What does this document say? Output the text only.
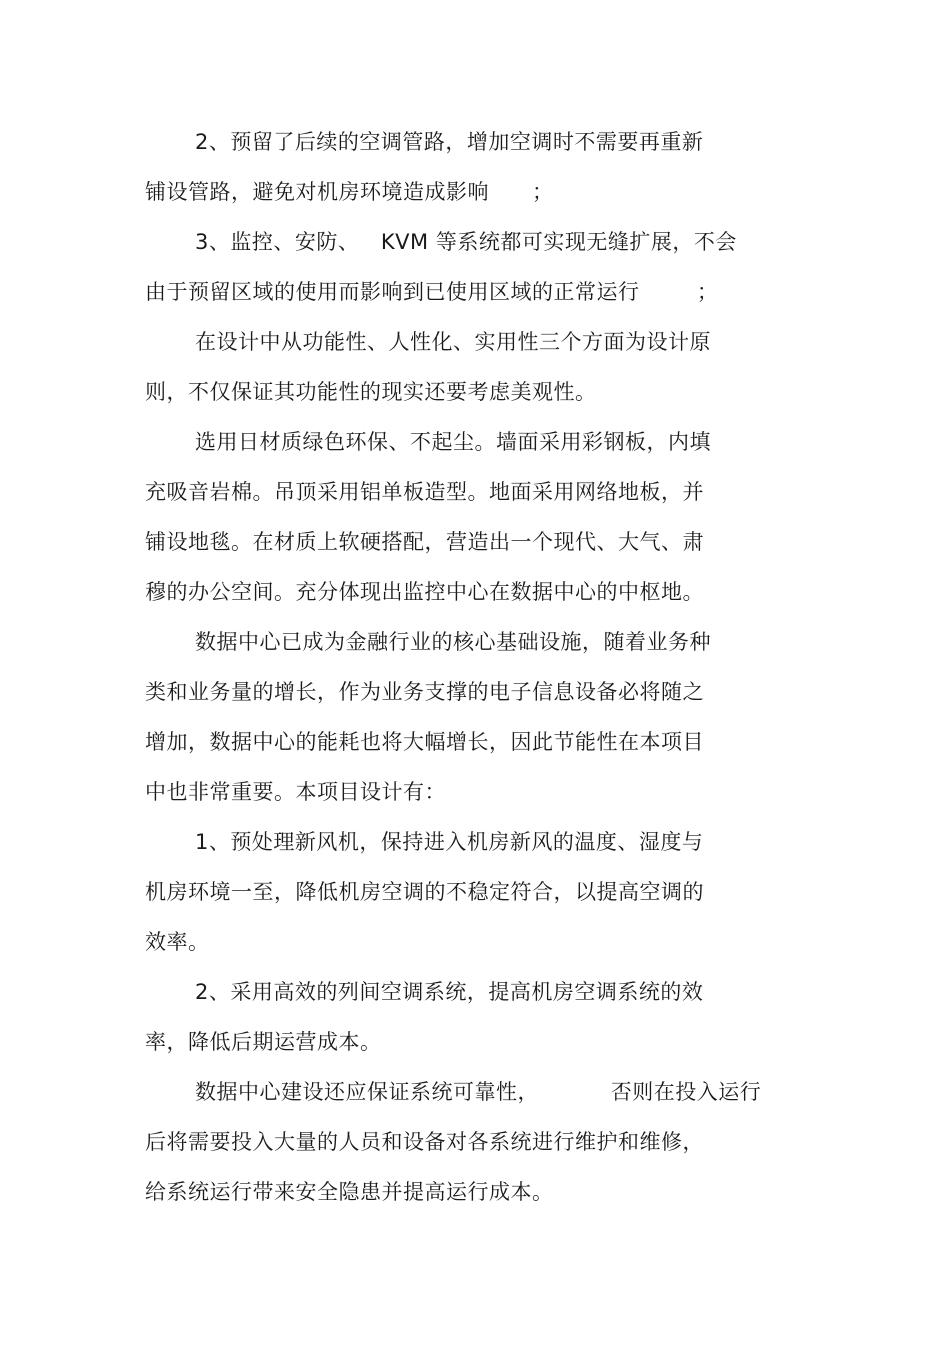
2、预留了后续的空调管路，增加空调时不需要再重新
铺设管路，避免对机房环境造成影响      ；
3、监控、安防、   KVM 等系统都可实现无缝扩展，不会
由于预留区域的使用而影响到已使用区域的正常运行        ；
在设计中从功能性、人性化、实用性三个方面为设计原
则，不仅保证其功能性的现实还要考虑美观性。
选用日材质绿色环保、不起尘。墙面采用彩钢板，内填
充吸音岩棉。吊顶采用铝单板造型。地面采用网络地板，并
铺设地毯。在材质上软硬搭配，营造出一个现代、大气、肃
穆的办公空间。充分体现出监控中心在数据中心的中枢地。
数据中心已成为金融行业的核心基础设施，随着业务种
类和业务量的增长，作为业务支撑的电子信息设备必将随之
增加，数据中心的能耗也将大幅增长，因此节能性在本项目
中也非常重要。本项目设计有：
1、预处理新风机，保持进入机房新风的温度、湿度与
机房环境一至，降低机房空调的不稳定符合，以提高空调的
效率。
2、采用高效的列间空调系统，提高机房空调系统的效
率，降低后期运营成本。
数据中心建设还应保证系统可靠性，          否则在投入运行
后将需要投入大量的人员和设备对各系统进行维护和维修，
给系统运行带来安全隐患并提高运行成本。
